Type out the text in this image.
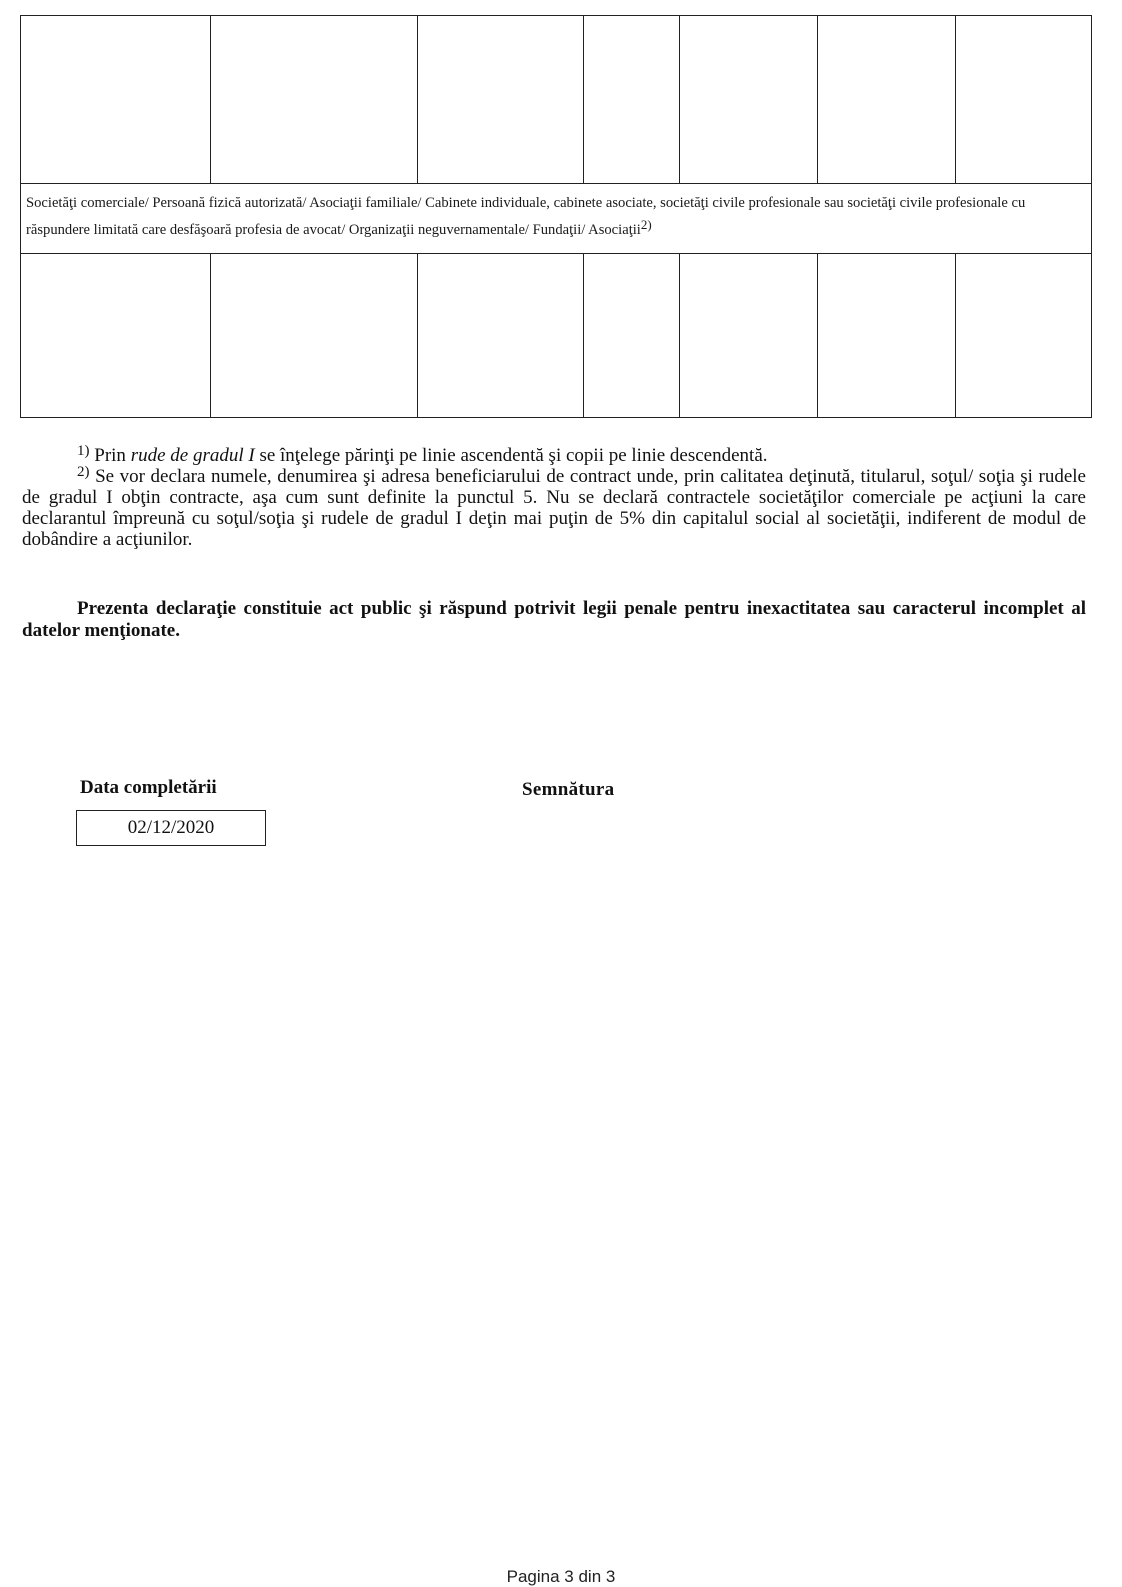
Societăţi comerciale/ Persoană fizică autorizată/ Asociaţii familiale/ Cabinete individuale, cabinete asociate, societăţi civile profesionale sau societăţi civile profesionale cu răspundere limitată care desfăşoară profesia de avocat/ Organizaţii neguvernamentale/ Fundaţii/ Asociaţii$^{2)}$

$^{1)}$ Prin rude de gradul I se înţelege părinţi pe linie ascendentă şi copii pe linie descendentă.

$^{2)}$ Se vor declara numele, denumirea şi adresa beneficiarului de contract unde, prin calitatea deţinută, titularul, soţul/ soţia şi rudele de gradul I obţin contracte, aşa cum sunt definite la punctul 5. Nu se declară contractele societăţilor comerciale pe acţiuni la care declarantul împreună cu soţul/soţia şi rudele de gradul I deţin mai puţin de 5% din capitalul social al societăţii, indiferent de modul de dobândire a acţiunilor.

Prezenta declaraţie constituie act public şi răspund potrivit legii penale pentru inexactitatea sau caracterul incomplet al datelor menţionate.
Data completării
02/12/2020
Semnătura
Pagina 3 din 3
